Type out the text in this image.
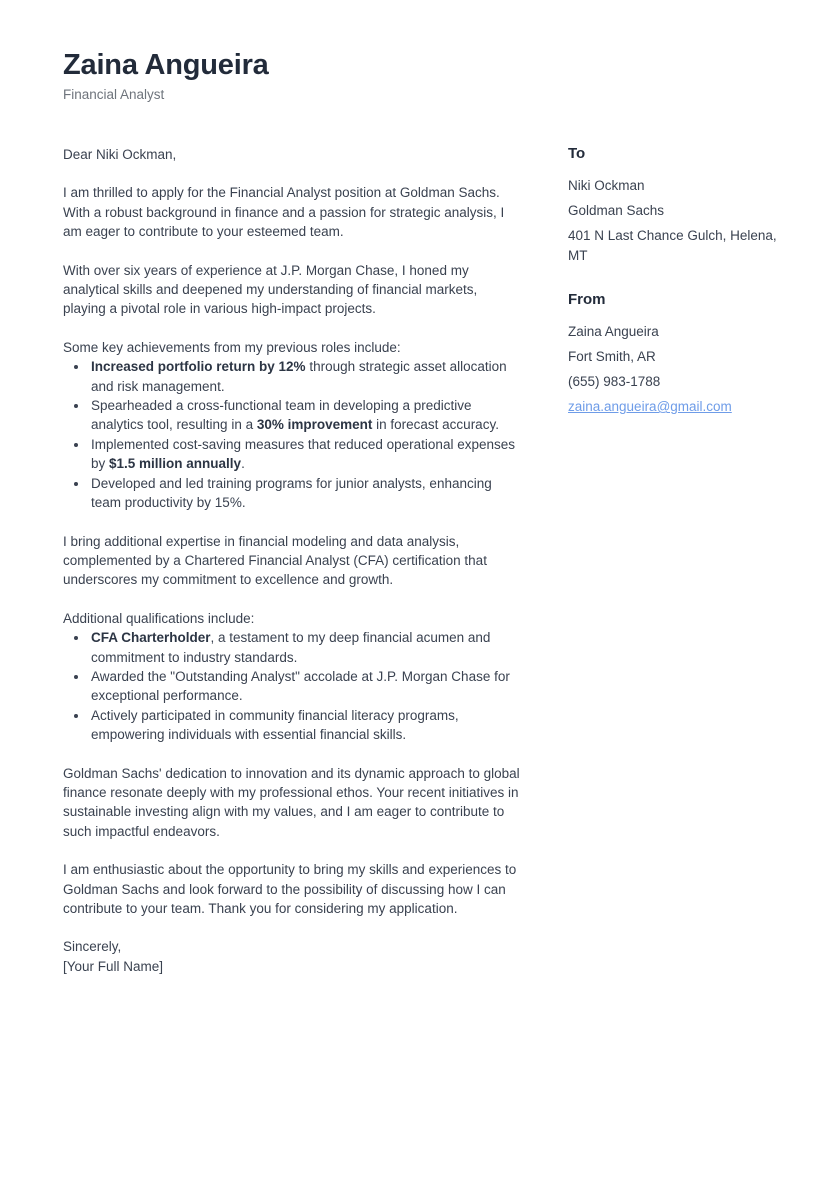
Zaina Angueira
Financial Analyst

Dear Niki Ockman,

I am thrilled to apply for the Financial Analyst position at Goldman Sachs. With a robust background in finance and a passion for strategic analysis, I am eager to contribute to your esteemed team.

With over six years of experience at J.P. Morgan Chase, I honed my analytical skills and deepened my understanding of financial markets, playing a pivotal role in various high-impact projects.

Some key achievements from my previous roles include:

• Increased portfolio return by 12% through strategic asset allocation and risk management.
• Spearheaded a cross-functional team in developing a predictive analytics tool, resulting in a 30% improvement in forecast accuracy.
• Implemented cost-saving measures that reduced operational expenses by $1.5 million annually.
• Developed and led training programs for junior analysts, enhancing team productivity by 15%.

I bring additional expertise in financial modeling and data analysis, complemented by a Chartered Financial Analyst (CFA) certification that underscores my commitment to excellence and growth.

Additional qualifications include:

• CFA Charterholder, a testament to my deep financial acumen and commitment to industry standards.
• Awarded the "Outstanding Analyst" accolade at J.P. Morgan Chase for exceptional performance.
• Actively participated in community financial literacy programs, empowering individuals with essential financial skills.

Goldman Sachs' dedication to innovation and its dynamic approach to global finance resonate deeply with my professional ethos. Your recent initiatives in sustainable investing align with my values, and I am eager to contribute to such impactful endeavors.

I am enthusiastic about the opportunity to bring my skills and experiences to Goldman Sachs and look forward to the possibility of discussing how I can contribute to your team. Thank you for considering my application.

Sincerely,
[Your Full Name]

To
Niki Ockman
Goldman Sachs
401 N Last Chance Gulch, Helena, MT
From
Zaina Angueira
Fort Smith, AR
(655) 983-1788
zaina.angueira@gmail.com
